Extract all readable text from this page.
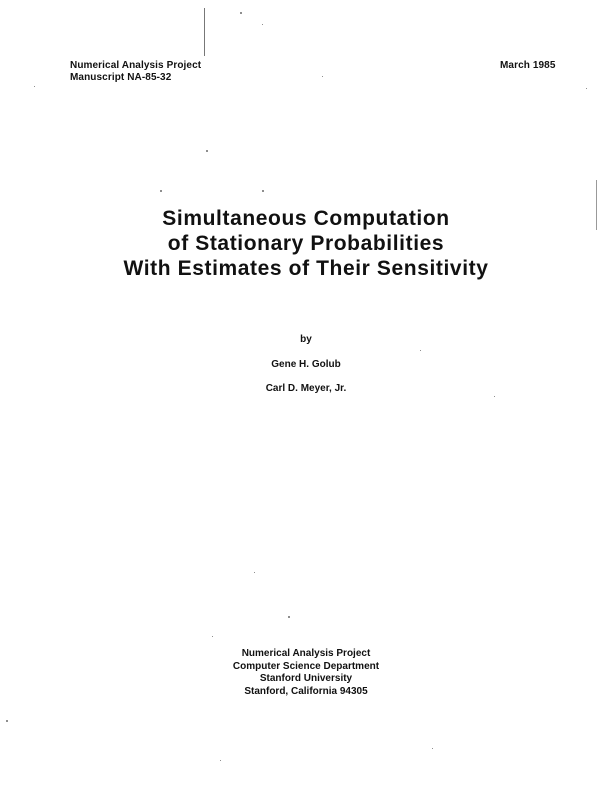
Numerical Analysis Project
Manuscript NA-85-32
March 1985
Simultaneous Computation
of Stationary Probabilities
With Estimates of Their Sensitivity
by
Gene H. Golub
Carl D. Meyer, Jr.
Numerical Analysis Project
Computer Science Department
Stanford University
Stanford, California 94305
